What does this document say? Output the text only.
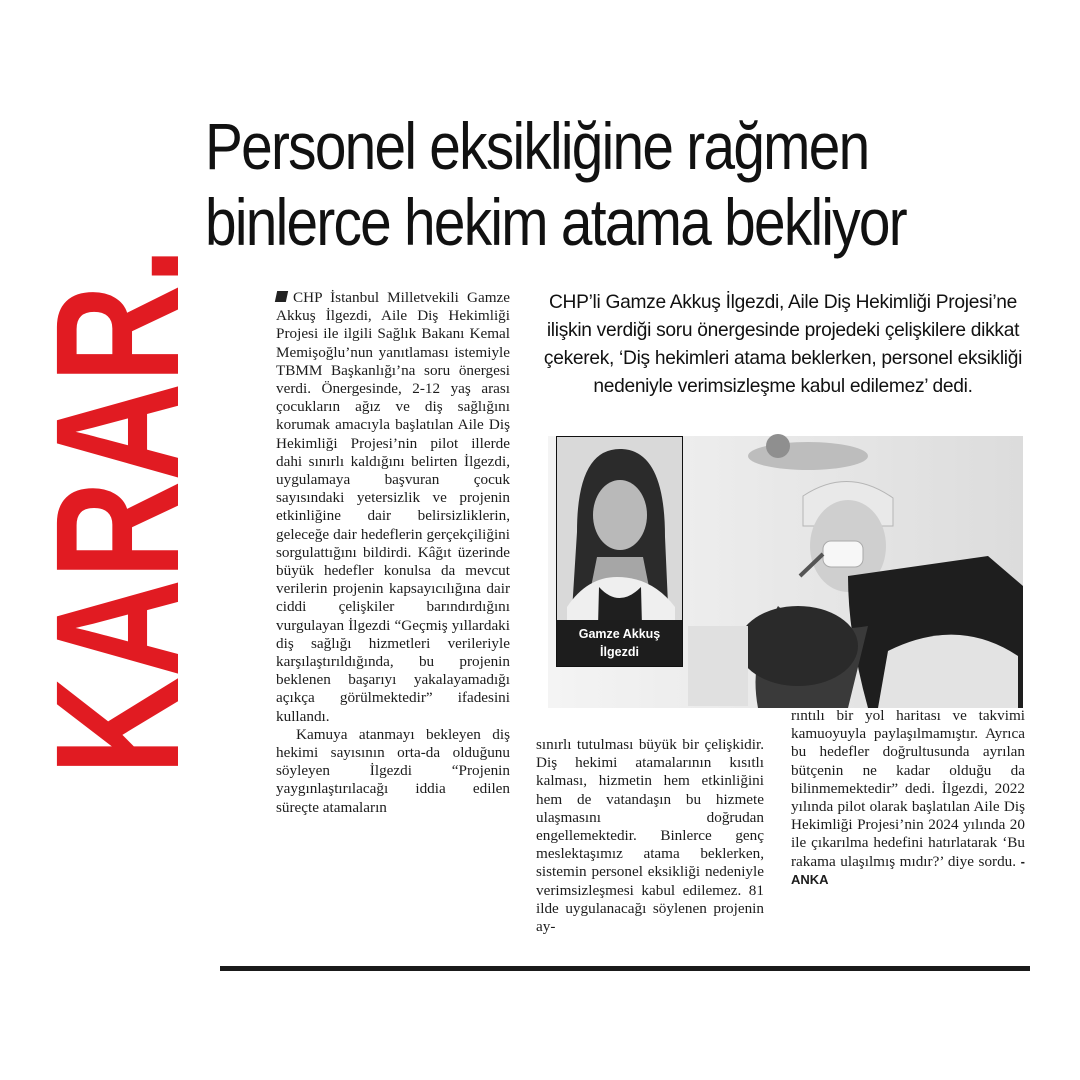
KARAR.
Personel eksikliğine rağmen
binlerce hekim atama bekliyor

CHP İstanbul Milletvekili Gamze Akkuş İlgezdi, Aile Diş Hekimliği Projesi ile ilgili Sağlık Bakanı Kemal Memişoğlu’nun yanıtlaması istemiyle TBMM Başkanlığı’na soru önergesi verdi. Önergesinde, 2-12 yaş arası çocukların ağız ve diş sağlığını korumak amacıyla başlatılan Aile Diş Hekimliği Projesi’nin pilot illerde dahi sınırlı kaldığını belirten İlgezdi, uygulamaya başvuran çocuk sayısındaki yetersizlik ve projenin etkinliğine dair belirsizliklerin, geleceğe dair hedeflerin gerçekçiliğini sorgulattığını bildirdi. Kâğıt üzerinde büyük hedefler konulsa da mevcut verilerin projenin kapsayıcılığına dair ciddi çelişkiler barındırdığını vurgulayan İlgezdi “Geçmiş yıllardaki diş sağlığı hizmetleri verileriyle karşılaştırıldığında, bu projenin beklenen başarıyı yakalayamadığı açıkça görülmektedir” ifadesini kullandı.

Kamuya atanmayı bekleyen diş hekimi sayısının orta-da olduğunu söyleyen İlgezdi “Projenin yaygınlaştırılacağı iddia edilen süreçte atamaların

CHP’li Gamze Akkuş İlgezdi, Aile Diş Hekimliği Projesi’ne ilişkin verdiği soru önergesinde projedeki çelişkilere dikkat çekerek, ‘Diş hekimleri atama beklerken, personel eksikliği nedeniyle verimsizleşme kabul edilemez’ dedi.

Gamze Akkuş
İlgezdi

sınırlı tutulması büyük bir çelişkidir. Diş hekimi atamalarının kısıtlı kalması, hizmetin hem etkinliğini hem de vatandaşın bu hizmete ulaşmasını doğrudan engellemektedir. Binlerce genç meslektaşımız atama beklerken, sistemin personel eksikliği nedeniyle verimsizleşmesi kabul edilemez. 81 ilde uygulanacağı söylenen projenin ay-

rıntılı bir yol haritası ve takvimi kamuoyuyla paylaşılmamıştır. Ayrıca bu hedefler doğrultusunda ayrılan bütçenin ne kadar olduğu da bilinmemektedir” dedi. İlgezdi, 2022 yılında pilot olarak başlatılan Aile Diş Hekimliği Projesi’nin 2024 yılında 20 ile çıkarılma hedefini hatırlatarak ‘Bu rakama ulaşılmış mıdır?’ diye sordu. -ANKA
